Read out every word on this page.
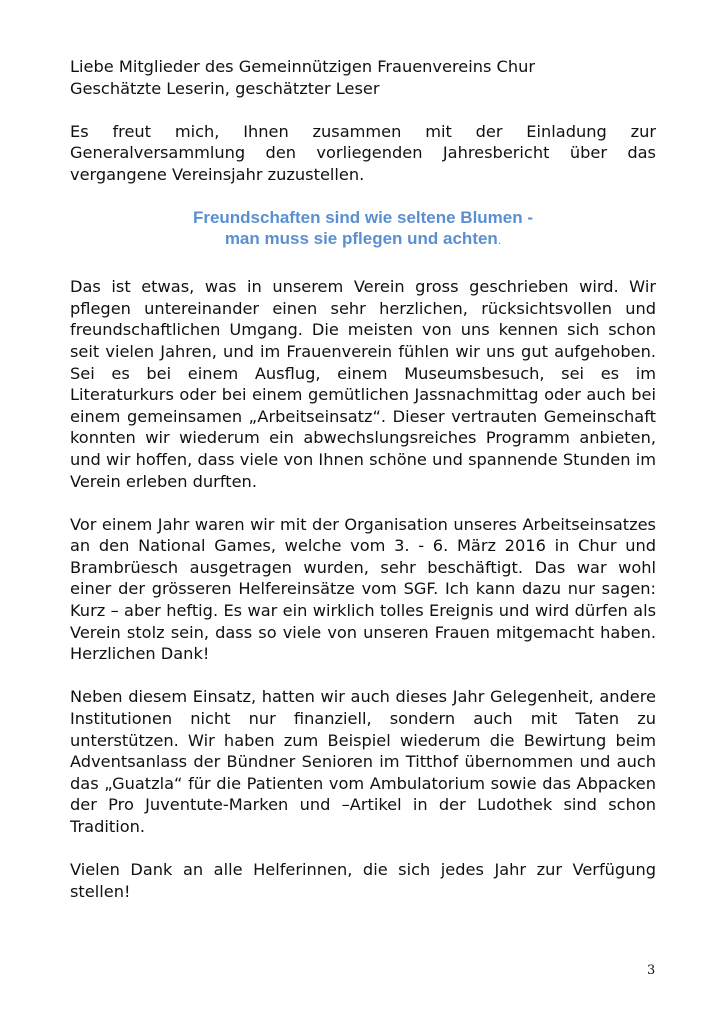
Liebe Mitglieder des Gemeinnützigen Frauenvereins Chur

Geschätzte Leserin, geschätzter Leser

Es freut mich, Ihnen zusammen mit der Einladung zur Generalversammlung den vorliegenden Jahresbericht über das vergangene Vereinsjahr zuzustellen.

Freundschaften sind wie seltene Blumen -

man muss sie pflegen und achten.

Das ist etwas, was in unserem Verein gross geschrieben wird. Wir pflegen untereinander einen sehr herzlichen, rücksichtsvollen und freundschaftlichen Umgang. Die meisten von uns kennen sich schon seit vielen Jahren, und im Frauenverein fühlen wir uns gut aufgehoben. Sei es bei einem Ausflug, einem Museumsbesuch, sei es im Literaturkurs oder bei einem gemütlichen Jassnachmittag oder auch bei einem gemeinsamen „Arbeitseinsatz“. Dieser vertrauten Gemeinschaft konnten wir wiederum ein abwechslungsreiches Programm anbieten, und wir hoffen, dass viele von Ihnen schöne und spannende Stunden im Verein erleben durften.

Vor einem Jahr waren wir mit der Organisation unseres Arbeitseinsatzes an den National Games, welche vom 3. - 6. März 2016 in Chur und Brambrüesch ausgetragen wurden, sehr beschäftigt. Das war wohl einer der grösseren Helfereinsätze vom SGF. Ich kann dazu nur sagen: Kurz – aber heftig. Es war ein wirklich tolles Ereignis und wird dürfen als Verein stolz sein, dass so viele von unseren Frauen mitgemacht haben. Herzlichen Dank!

Neben diesem Einsatz, hatten wir auch dieses Jahr Gelegenheit, andere Institutionen nicht nur finanziell, sondern auch mit Taten zu unterstützen. Wir haben zum Beispiel wiederum die Bewirtung beim Adventsanlass der Bündner Senioren im Titthof übernommen und auch das „Guatzla“ für die Patienten vom Ambulatorium sowie das Abpacken der Pro Juventute-Marken und –Artikel in der Ludothek sind schon Tradition.

Vielen Dank an alle Helferinnen, die sich jedes Jahr zur Verfügung stellen!

3
